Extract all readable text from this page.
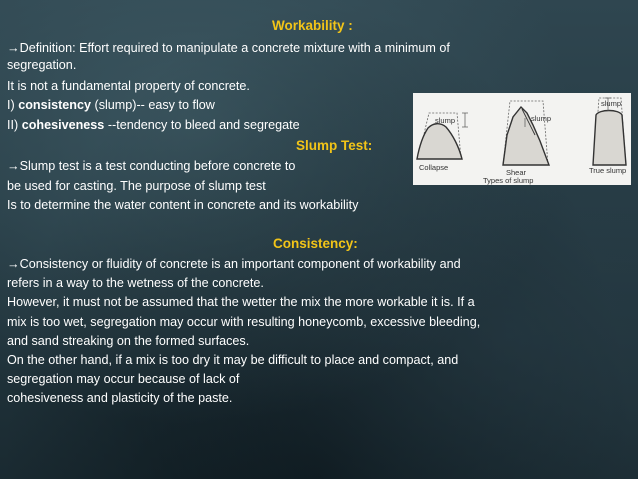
Workability :
→Definition: Effort required to manipulate a concrete mixture with a minimum of
segregation.
It is not a fundamental property of concrete.
I) consistency (slump)-- easy to flow
II) cohesiveness --tendency to bleed and segregate
Slump Test:
→Slump test is a test conducting before concrete to
be used for casting. The purpose of slump test
Is to determine the water content in concrete and its workability
slump	slump
slump
Collapse
Shear	True slump
Types of slump
Consistency:
→Consistency or fluidity of concrete is an important component of workability and
refers in a way to the wetness of the concrete.
However, it must not be assumed that the wetter the mix the more workable it is. If a
mix is too wet, segregation may occur with resulting honeycomb, excessive bleeding,
and sand streaking on the formed surfaces.
On the other hand, if a mix is too dry it may be difficult to place and compact, and
segregation may occur because of lack of
cohesiveness and plasticity of the paste.
